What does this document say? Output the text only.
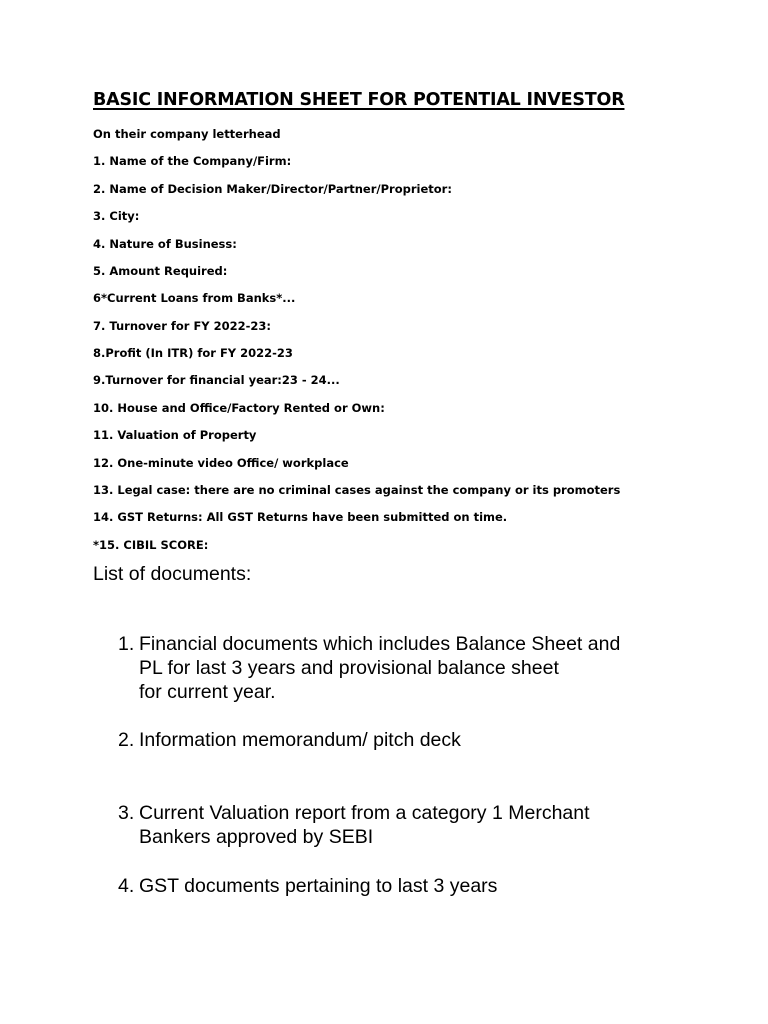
BASIC INFORMATION SHEET FOR POTENTIAL INVESTOR
On their company letterhead
1. Name of the Company/Firm:
2. Name of Decision Maker/Director/Partner/Proprietor:
3. City:
4. Nature of Business:
5. Amount Required:
6*Current Loans from Banks*...
7. Turnover for FY 2022-23:
8.Profit (In ITR) for FY 2022-23
9.Turnover for financial year:23 - 24...
10. House and Office/Factory Rented or Own:
11. Valuation of Property
12. One-minute video Office/ workplace
13. Legal case: there are no criminal cases against the company or its promoters
14. GST Returns: All GST Returns have been submitted on time.
*15. CIBIL SCORE:
List of documents:
1. Financial documents which includes Balance Sheet and
PL for last 3 years and provisional balance sheet
for current year.
2. Information memorandum/ pitch deck
3. Current Valuation report from a category 1 Merchant
Bankers approved by SEBI
4. GST documents pertaining to last 3 years
